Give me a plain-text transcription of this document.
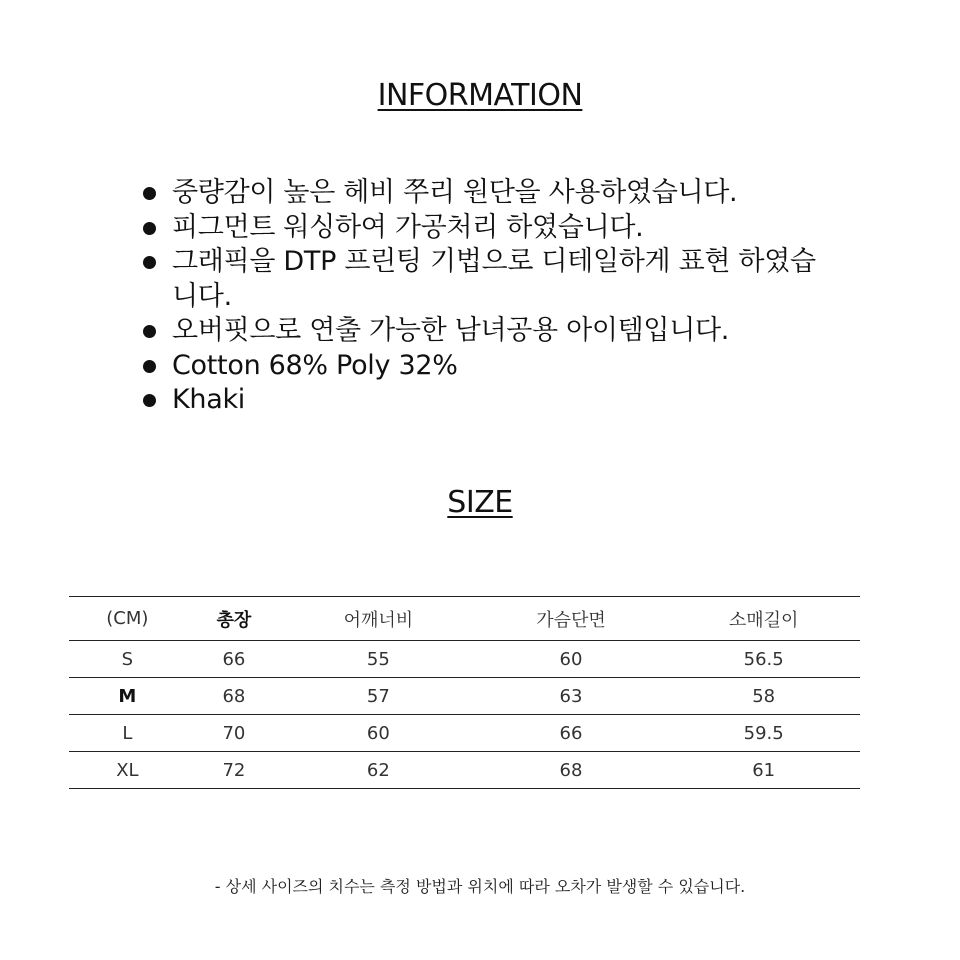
INFORMATION
중량감이 높은 헤비 쭈리 원단을 사용하였습니다.
피그먼트 워싱하여 가공처리 하였습니다.
그래픽을 DTP 프린팅 기법으로 디테일하게 표현 하였습니다.
오버핏으로 연출 가능한 남녀공용 아이템입니다.
Cotton 68% Poly 32%
Khaki
SIZE
(CM)	총장	어깨너비	가슴단면	소매길이
S	66	55	60	56.5
M	68	57	63	58
L	70	60	66	59.5
XL	72	62	68	61

- 상세 사이즈의 치수는 측정 방법과 위치에 따라 오차가 발생할 수 있습니다.
